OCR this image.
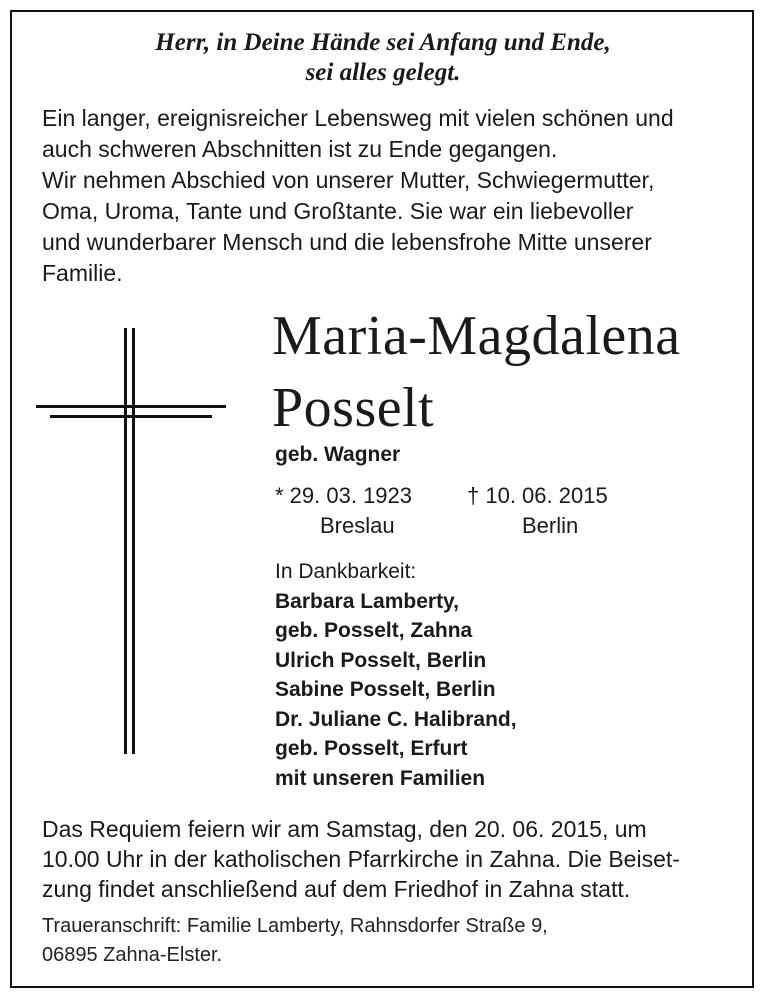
Herr, in Deine Hände sei Anfang und Ende,
sei alles gelegt.
Ein langer, ereignisreicher Lebensweg mit vielen schönen und
auch schweren Abschnitten ist zu Ende gegangen.
Wir nehmen Abschied von unserer Mutter, Schwiegermutter,
Oma, Uroma, Tante und Großtante. Sie war ein liebevoller
und wunderbarer Mensch und die lebensfrohe Mitte unserer
Familie.
Maria-Magdalena
Posselt
geb. Wagner
* 29. 03. 1923
Breslau
† 10. 06. 2015
Berlin
In Dankbarkeit:
Barbara Lamberty,
geb. Posselt, Zahna
Ulrich Posselt, Berlin
Sabine Posselt, Berlin
Dr. Juliane C. Halibrand,
geb. Posselt, Erfurt
mit unseren Familien
Das Requiem feiern wir am Samstag, den 20. 06. 2015, um
10.00 Uhr in der katholischen Pfarrkirche in Zahna. Die Beiset-
zung findet anschließend auf dem Friedhof in Zahna statt.
Traueranschrift: Familie Lamberty, Rahnsdorfer Straße 9,
06895 Zahna-Elster.
